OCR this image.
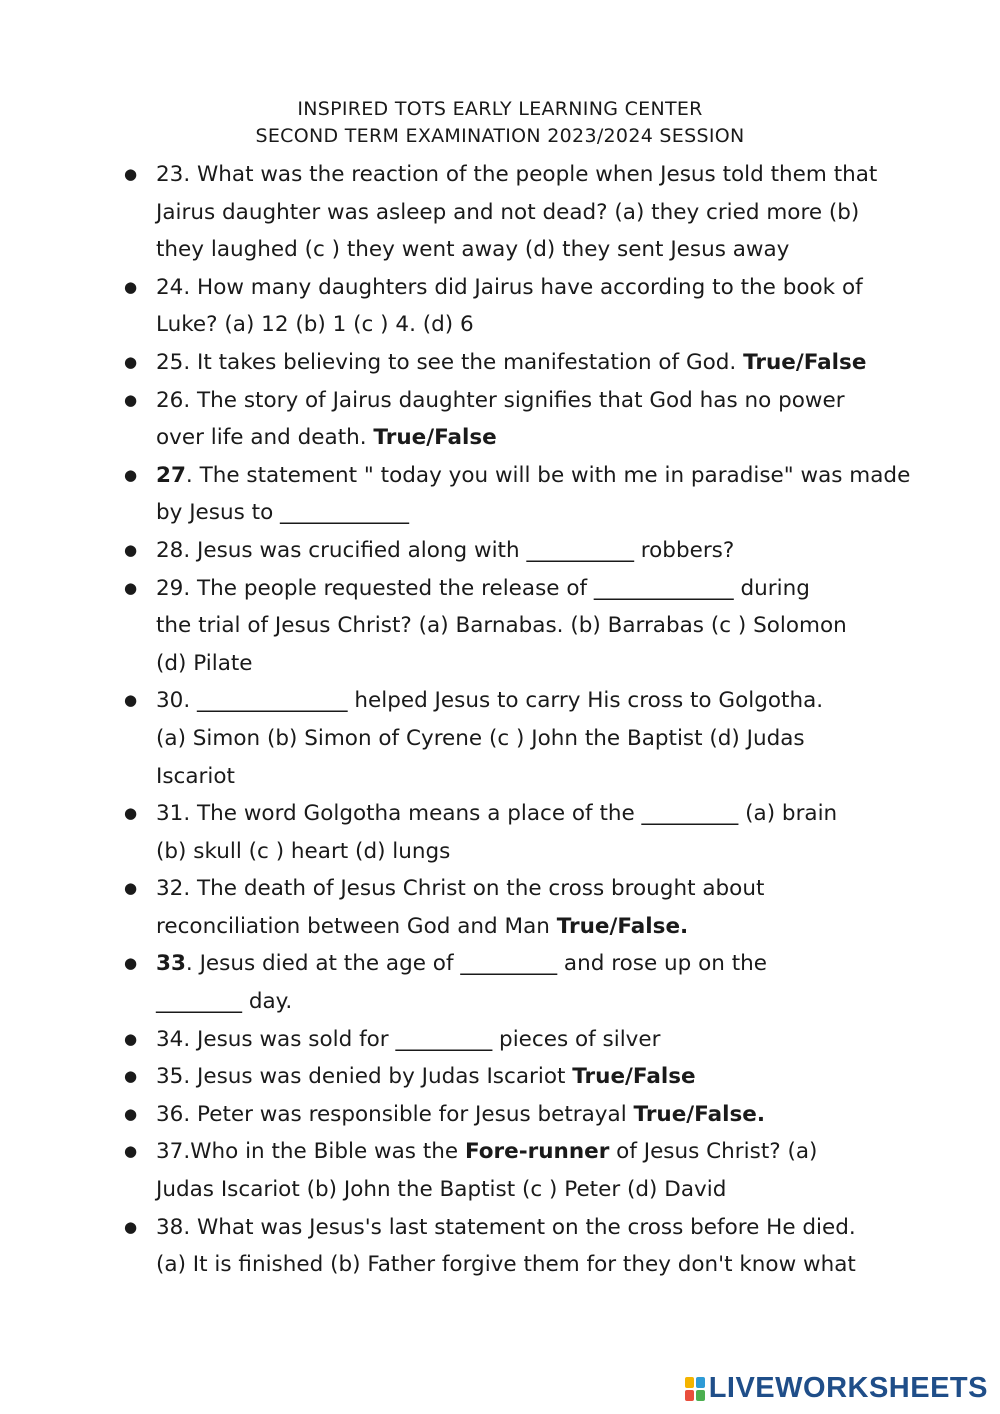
INSPIRED TOTS EARLY LEARNING CENTER
SECOND TERM EXAMINATION 2023/2024 SESSION
● 23. What was the reaction of the people when Jesus told them that
Jairus daughter was asleep and not dead? (a) they cried more (b)
they laughed (c ) they went away (d) they sent Jesus away
● 24. How many daughters did Jairus have according to the book of
Luke? (a) 12 (b) 1 (c ) 4. (d) 6
● 25. It takes believing to see the manifestation of God. True/False
● 26. The story of Jairus daughter signifies that God has no power
over life and death. True/False
● 27. The statement " today you will be with me in paradise" was made
by Jesus to ____________
● 28. Jesus was crucified along with __________ robbers?
● 29. The people requested the release of _____________ during
the trial of Jesus Christ? (a) Barnabas. (b) Barrabas (c ) Solomon
(d) Pilate
● 30. ______________ helped Jesus to carry His cross to Golgotha.
(a) Simon (b) Simon of Cyrene (c ) John the Baptist (d) Judas
Iscariot
● 31. The word Golgotha means a place of the _________ (a) brain
(b) skull (c ) heart (d) lungs
● 32. The death of Jesus Christ on the cross brought about
reconciliation between God and Man True/False.
● 33. Jesus died at the age of _________ and rose up on the
________ day.
● 34. Jesus was sold for _________ pieces of silver
● 35. Jesus was denied by Judas Iscariot True/False
● 36. Peter was responsible for Jesus betrayal True/False.
● 37.Who in the Bible was the Fore-runner of Jesus Christ? (a)
Judas Iscariot (b) John the Baptist (c ) Peter (d) David
● 38. What was Jesus's last statement on the cross before He died.
(a) It is finished (b) Father forgive them for they don't know what
LIVEWORKSHEETS
